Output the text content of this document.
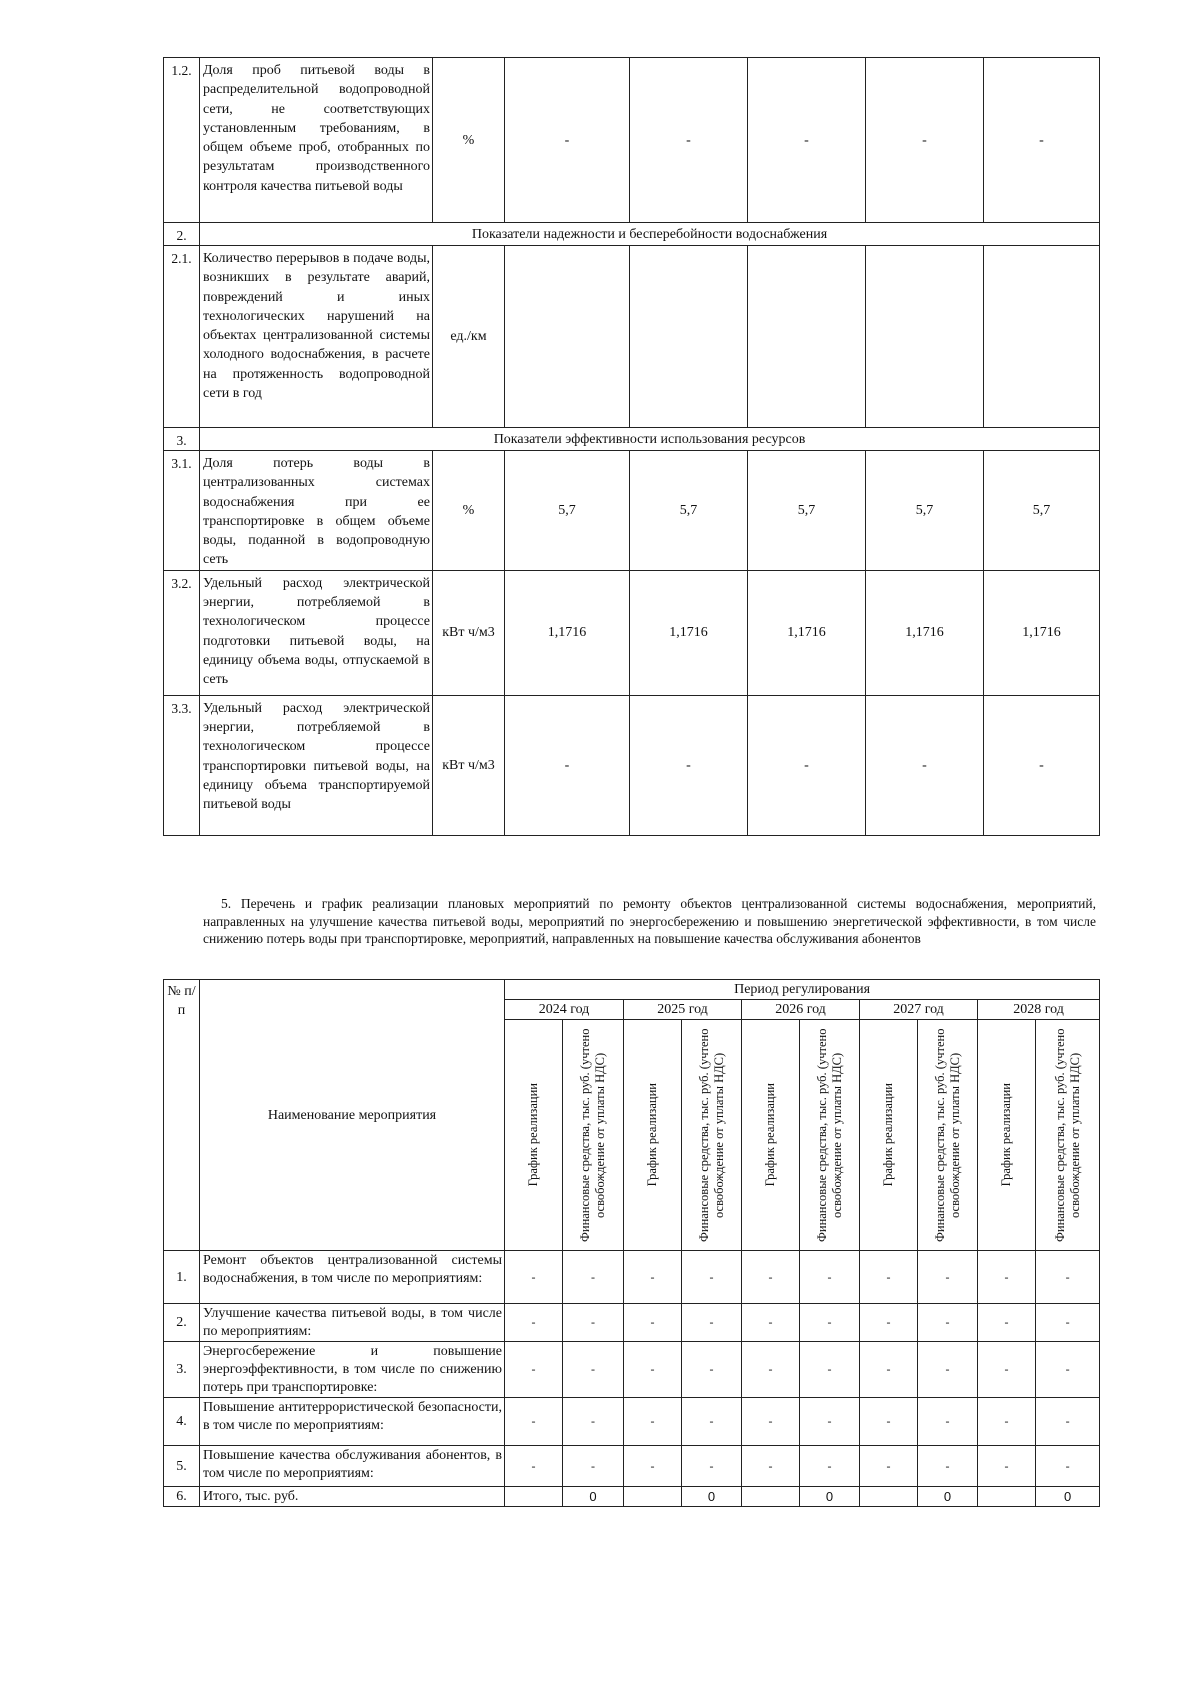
1.2.	Доля проб питьевой воды в распределительной водопроводной сети, не соответствующих установленным требованиям, в общем объеме проб, отобранных по результатам производственного контроля качества питьевой воды	%	-	-	-	-	-
2.	Показатели надежности и бесперебойности водоснабжения						
2.1.	Количество перерывов в подаче воды, возникших в результате аварий, повреждений и иных технологических нарушений на объектах централизованной системы холодного водоснабжения, в расчете на протяженность водопроводной сети в год	ед./км					
3.	Показатели эффективности использования ресурсов						
3.1.	Доля потерь воды в централизованных системах водоснабжения при ее транспортировке в общем объеме воды, поданной в водопроводную сеть	%	5,7	5,7	5,7	5,7	5,7
3.2.	Удельный расход электрической энергии, потребляемой в технологическом процессе подготовки питьевой воды, на единицу объема воды, отпускаемой в сеть	кВт ч/м3	1,1716	1,1716	1,1716	1,1716	1,1716
3.3.	Удельный расход электрической энергии, потребляемой в технологическом процессе транспортировки питьевой воды, на единицу объема транспортируемой питьевой воды	кВт ч/м3	-	-	-	-	-
5. Перечень и график реализации плановых мероприятий по ремонту объектов централизованной системы водоснабжения, мероприятий, направленных на улучшение качества питьевой воды, мероприятий по энергосбережению и повышению энергетической эффективности, в том числе снижению потерь воды при транспортировке, мероприятий, направленных на повышение качества обслуживания абонентов
№ п/п	Наименование мероприятия	Период регулирования									
		2024 год		2025 год		2026 год		2027 год		2028 год	

		График реализации	Финансовые средства, тыс. руб. (учтено освобождение от уплаты НДС)	График реализации	Финансовые средства, тыс. руб. (учтено освобождение от уплаты НДС)	График реализации	Финансовые средства, тыс. руб. (учтено освобождение от уплаты НДС)	График реализации	Финансовые средства, тыс. руб. (учтено освобождение от уплаты НДС)	График реализации	Финансовые средства, тыс. руб. (учтено освобождение от уплаты НДС)

1.	Ремонт объектов централизованной системы водоснабжения, в том числе по мероприятиям:	-	-	-	-	-	-	-	-	-	-
2.	Улучшение качества питьевой воды, в том числе по мероприятиям:	-	-	-	-	-	-	-	-	-	-
3.	Энергосбережение и повышение энергоэффективности, в том числе по снижению потерь при транспортировке:	-	-	-	-	-	-	-	-	-	-
4.	Повышение антитеррористической безопасности, в том числе по мероприятиям:	-	-	-	-	-	-	-	-	-	-
5.	Повышение качества обслуживания абонентов, в том числе по мероприятиям:	-	-	-	-	-	-	-	-	-	-
6.	Итого, тыс. руб.		0		0		0		0		0
